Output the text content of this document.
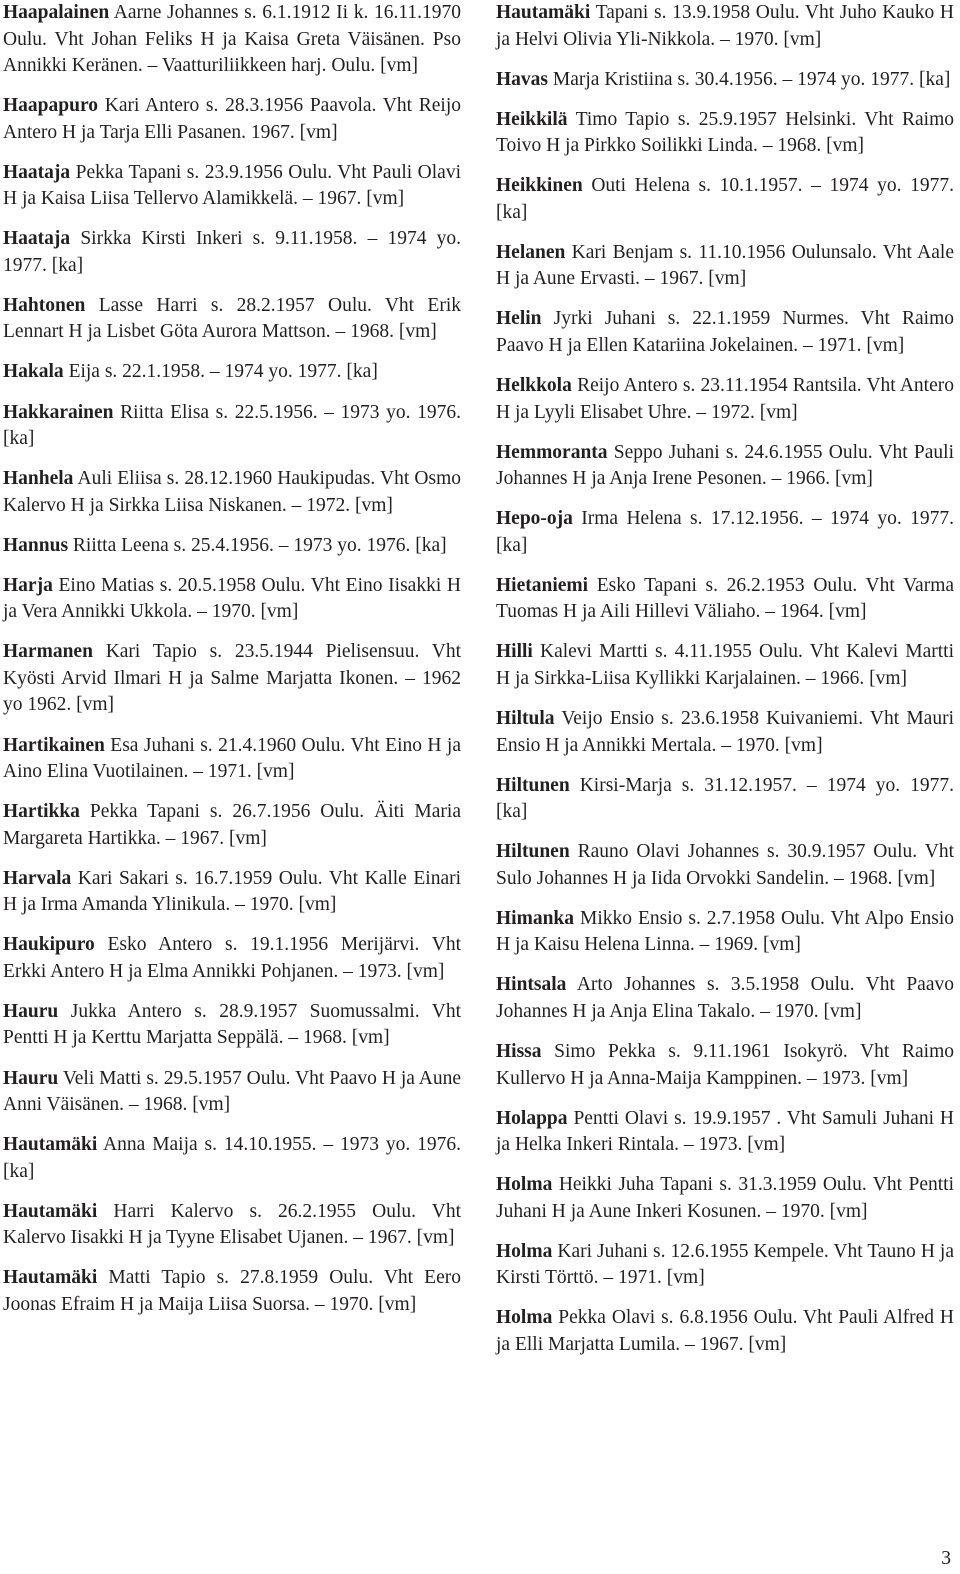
Haapalainen Aarne Johannes s. 6.1.1912 Ii k. 16.11.1970 Oulu. Vht Johan Feliks H ja Kaisa Greta Väisänen. Pso Annikki Keränen. – Vaatturiliikkeen harj. Oulu. [vm]

Haapapuro Kari Antero s. 28.3.1956 Paavola. Vht Reijo Antero H ja Tarja Elli Pasanen. 1967. [vm]

Haataja Pekka Tapani s. 23.9.1956 Oulu. Vht Pauli Olavi H ja Kaisa Liisa Tellervo Alamikkelä. – 1967. [vm]

Haataja Sirkka Kirsti Inkeri s. 9.11.1958. – 1974 yo. 1977. [ka]

Hahtonen Lasse Harri s. 28.2.1957 Oulu. Vht Erik Lennart H ja Lisbet Göta Aurora Mattson. – 1968. [vm]

Hakala Eija s. 22.1.1958. – 1974 yo. 1977. [ka]

Hakkarainen Riitta Elisa s. 22.5.1956. – 1973 yo. 1976. [ka]

Hanhela Auli Eliisa s. 28.12.1960 Haukipudas. Vht Osmo Kalervo H ja Sirkka Liisa Niskanen. – 1972. [vm]

Hannus Riitta Leena s. 25.4.1956. – 1973 yo. 1976. [ka]

Harja Eino Matias s. 20.5.1958 Oulu. Vht Eino Iisakki H ja Vera Annikki Ukkola. – 1970. [vm]

Harmanen Kari Tapio s. 23.5.1944 Pielisensuu. Vht Kyösti Arvid Ilmari H ja Salme Marjatta Ikonen. – 1962 yo 1962. [vm]

Hartikainen Esa Juhani s. 21.4.1960 Oulu. Vht Eino H ja Aino Elina Vuotilainen. – 1971. [vm]

Hartikka Pekka Tapani s. 26.7.1956 Oulu. Äiti Maria Margareta Hartikka. – 1967. [vm]

Harvala Kari Sakari s. 16.7.1959 Oulu. Vht Kalle Einari H ja Irma Amanda Ylinikula. – 1970. [vm]

Haukipuro Esko Antero s. 19.1.1956 Merijärvi. Vht Erkki Antero H ja Elma Annikki Pohjanen. – 1973. [vm]

Hauru Jukka Antero s. 28.9.1957 Suomussalmi. Vht Pentti H ja Kerttu Marjatta Seppälä. – 1968. [vm]

Hauru Veli Matti s. 29.5.1957 Oulu. Vht Paavo H ja Aune Anni Väisänen. – 1968. [vm]

Hautamäki Anna Maija s. 14.10.1955. – 1973 yo. 1976. [ka]

Hautamäki Harri Kalervo s. 26.2.1955 Oulu. Vht Kalervo Iisakki H ja Tyyne Elisabet Ujanen. – 1967. [vm]

Hautamäki Matti Tapio s. 27.8.1959 Oulu. Vht Eero Joonas Efraim H ja Maija Liisa Suorsa. – 1970. [vm]

Hautamäki Tapani s. 13.9.1958 Oulu. Vht Juho Kauko H ja Helvi Olivia Yli-Nikkola. – 1970. [vm]

Havas Marja Kristiina s. 30.4.1956. – 1974 yo. 1977. [ka]

Heikkilä Timo Tapio s. 25.9.1957 Helsinki. Vht Raimo Toivo H ja Pirkko Soilikki Linda. – 1968. [vm]

Heikkinen Outi Helena s. 10.1.1957. – 1974 yo. 1977. [ka]

Helanen Kari Benjam s. 11.10.1956 Oulunsalo. Vht Aale H ja Aune Ervasti. – 1967. [vm]

Helin Jyrki Juhani s. 22.1.1959 Nurmes. Vht Raimo Paavo H ja Ellen Katariina Jokelainen. – 1971. [vm]

Helkkola Reijo Antero s. 23.11.1954 Rantsila. Vht Antero H ja Lyyli Elisabet Uhre. – 1972. [vm]

Hemmoranta Seppo Juhani s. 24.6.1955 Oulu. Vht Pauli Johannes H ja Anja Irene Pesonen. – 1966. [vm]

Hepo-oja Irma Helena s. 17.12.1956. – 1974 yo. 1977. [ka]

Hietaniemi Esko Tapani s. 26.2.1953 Oulu. Vht Varma Tuomas H ja Aili Hillevi Väliaho. – 1964. [vm]

Hilli Kalevi Martti s. 4.11.1955 Oulu. Vht Kalevi Martti H ja Sirkka-Liisa Kyllikki Karjalainen. – 1966. [vm]

Hiltula Veijo Ensio s. 23.6.1958 Kuivaniemi. Vht Mauri Ensio H ja Annikki Mertala. – 1970. [vm]

Hiltunen Kirsi-Marja s. 31.12.1957. – 1974 yo. 1977. [ka]

Hiltunen Rauno Olavi Johannes s. 30.9.1957 Oulu. Vht Sulo Johannes H ja Iida Orvokki Sandelin. – 1968. [vm]

Himanka Mikko Ensio s. 2.7.1958 Oulu. Vht Alpo Ensio H ja Kaisu Helena Linna. – 1969. [vm]

Hintsala Arto Johannes s. 3.5.1958 Oulu. Vht Paavo Johannes H ja Anja Elina Takalo. – 1970. [vm]

Hissa Simo Pekka s. 9.11.1961 Isokyrö. Vht Raimo Kullervo H ja Anna-Maija Kamppinen. – 1973. [vm]

Holappa Pentti Olavi s. 19.9.1957 . Vht Samuli Juhani H ja Helka Inkeri Rintala. – 1973. [vm]

Holma Heikki Juha Tapani s. 31.3.1959 Oulu. Vht Pentti Juhani H ja Aune Inkeri Kosunen. – 1970. [vm]

Holma Kari Juhani s. 12.6.1955 Kempele. Vht Tauno H ja Kirsti Törttö. – 1971. [vm]

Holma Pekka Olavi s. 6.8.1956 Oulu. Vht Pauli Alfred H ja Elli Marjatta Lumila. – 1967. [vm]

3
